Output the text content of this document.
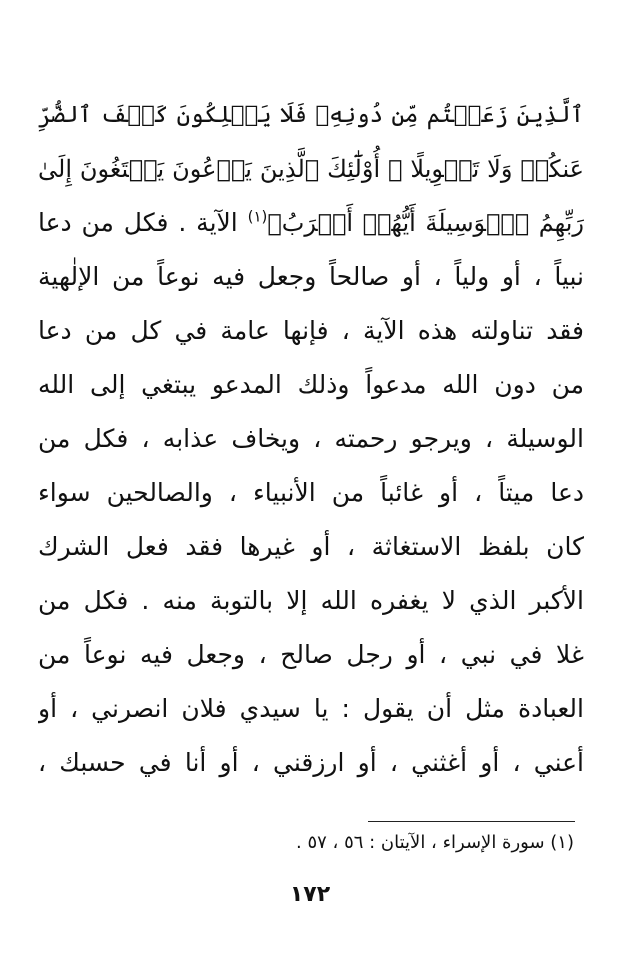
ٱلَّذِينَ زَعَمۡتُم مِّن دُونِهِۦ فَلَا يَمۡلِكُونَ كَشۡفَ ٱلضُّرِّ
عَنكُمۡ وَلَا تَحۡوِيلًا ۞ أُوْلَٰٓئِكَ ٱلَّذِينَ يَدۡعُونَ يَبۡتَغُونَ إِلَىٰ
رَبِّهِمُ ٱلۡوَسِيلَةَ أَيُّهُمۡ أَقۡرَبُ﴾$^{(١)}$ الآية . فكل من دعا
نبياً ، أو ولياً ، أو صالحاً وجعل فيه نوعاً من الإلٰهية
فقد تناولته هذه الآية ، فإنها عامة في كل من دعا
من دون الله مدعواً وذلك المدعو يبتغي إلى الله
الوسيلة ، ويرجو رحمته ، ويخاف عذابه ، فكل من
دعا ميتاً ، أو غائباً من الأنبياء ، والصالحين سواء
كان بلفظ الاستغاثة ، أو غيرها فقد فعل الشرك
الأكبر الذي لا يغفره الله إلا بالتوبة منه . فكل من
غلا في نبي ، أو رجل صالح ، وجعل فيه نوعاً من
العبادة مثل أن يقول : يا سيدي فلان انصرني ، أو
أعني ، أو أغثني ، أو ارزقني ، أو أنا في حسبك ،
(١) سورة الإسراء ، الآيتان : ٥٦ ، ٥٧ .
١٧٢
